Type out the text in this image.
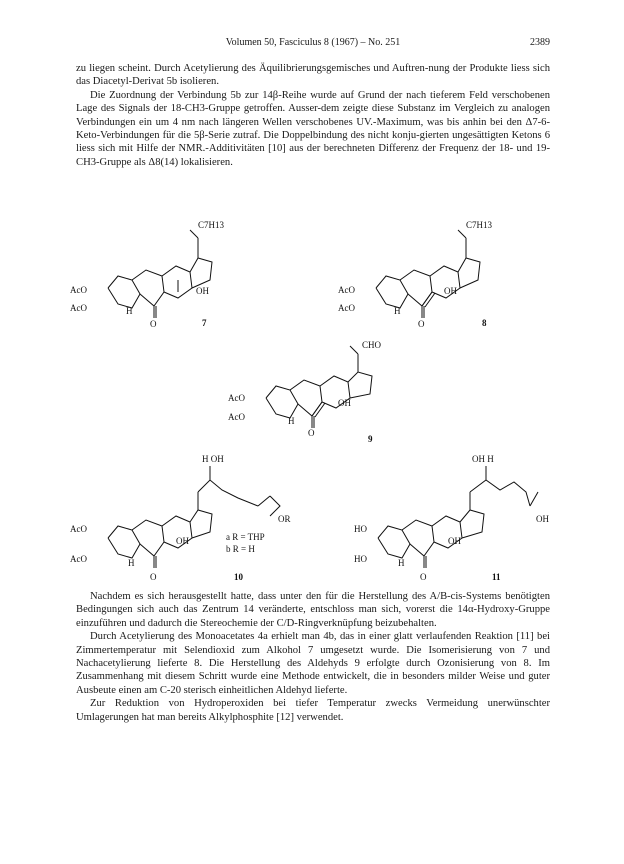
Volumen 50, Fasciculus 8 (1967) – No. 251	2389

zu liegen scheint. Durch Acetylierung des Äquilibrierungsgemisches und Auftren-nung der Produkte liess sich das Diacetyl-Derivat 5b isolieren.

Die Zuordnung der Verbindung 5b zur 14β-Reihe wurde auf Grund der nach tieferem Feld verschobenen Lage des Signals der 18-CH3-Gruppe getroffen. Ausser-dem zeigte diese Substanz im Vergleich zu analogen Verbindungen ein um 4 nm nach längeren Wellen verschobenes UV.-Maximum, was bis anhin bei den Δ7-6-Keto-Verbindungen für die 5β-Serie zutraf. Die Doppelbindung des nicht konju-gierten ungesättigten Ketons 6 liess sich mit Hilfe der NMR.-Additivitäten [10] aus der berechneten Differenz der Frequenz der 18- und 19-CH3-Gruppe als Δ8(14) lokalisieren.

AcO
AcO
OH
H
O
C7H13
7
AcO
AcO
OH
H
O
C7H13
8
AcO
AcO
OH
H
O
CHO
9
H OH
OR
AcO
AcO
OH
H
O
a R = THP
b R = H
10
OH H
OH
HO
HO
OH
H
O	11

Nachdem es sich herausgestellt hatte, dass unter den für die Herstellung des A/B-cis-Systems benötigten Bedingungen sich auch das Zentrum 14 veränderte, entschloss man sich, vorerst die 14α-Hydroxy-Gruppe einzuführen und dadurch die Stereochemie der C/D-Ringverknüpfung beizubehalten.

Durch Acetylierung des Monoacetates 4a erhielt man 4b, das in einer glatt verlaufenden Reaktion [11] bei Zimmertemperatur mit Selendioxid zum Alkohol 7 umgesetzt wurde. Die Isomerisierung von 7 und Nachacetylierung lieferte 8. Die Herstellung des Aldehyds 9 erfolgte durch Ozonisierung von 8. Im Zusammenhang mit diesem Schritt wurde eine Methode entwickelt, die in besonders milder Weise und guter Ausbeute einen am C-20 sterisch einheitlichen Aldehyd lieferte.

Zur Reduktion von Hydroperoxiden bei tiefer Temperatur zwecks Vermeidung unerwünschter Umlagerungen hat man bereits Alkylphosphite [12] verwendet.
